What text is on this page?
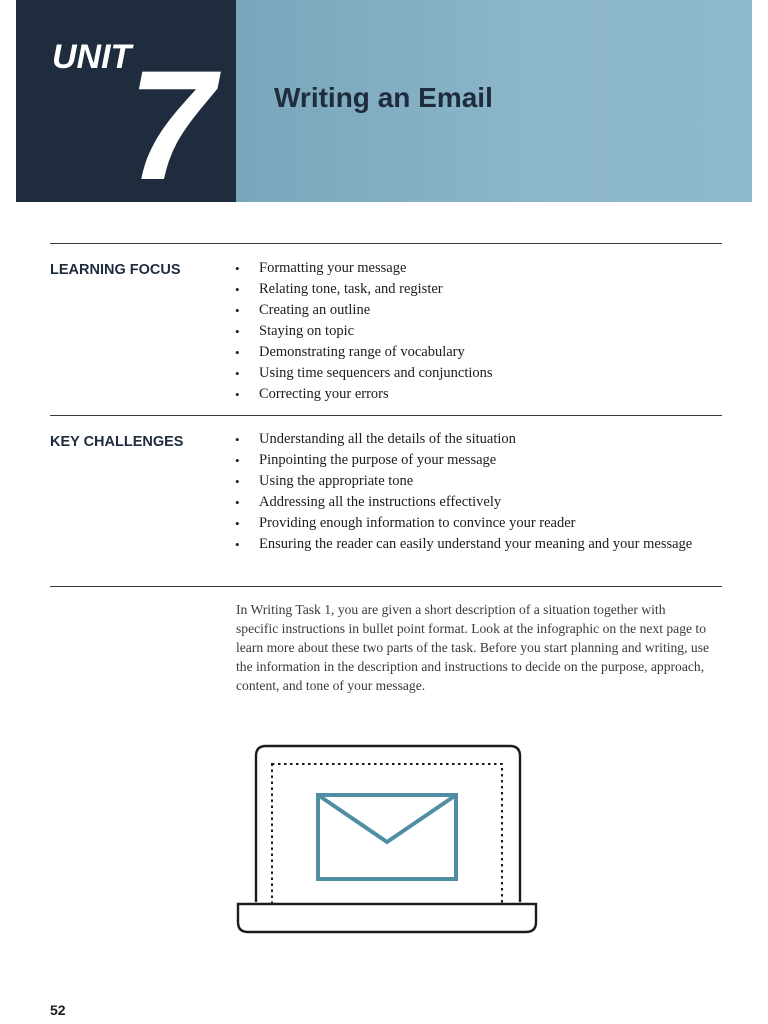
UNIT
7 Writing an Email
LEARNING FOCUS	• Formatting your message
• Relating tone, task, and register
• Creating an outline
• Staying on topic
• Demonstrating range of vocabulary
• Using time sequencers and conjunctions
• Correcting your errors
KEY CHALLENGES	• Understanding all the details of the situation
• Pinpointing the purpose of your message
• Using the appropriate tone
• Addressing all the instructions effectively
• Providing enough information to convince your reader
• Ensuring the reader can easily understand your meaning and your message

In Writing Task 1, you are given a short description of a situation together with specific instructions in bullet point format. Look at the infographic on the next page to learn more about these two parts of the task. Before you start planning and writing, use the information in the description and instructions to decide on the purpose, approach, content, and tone of your message.

52
